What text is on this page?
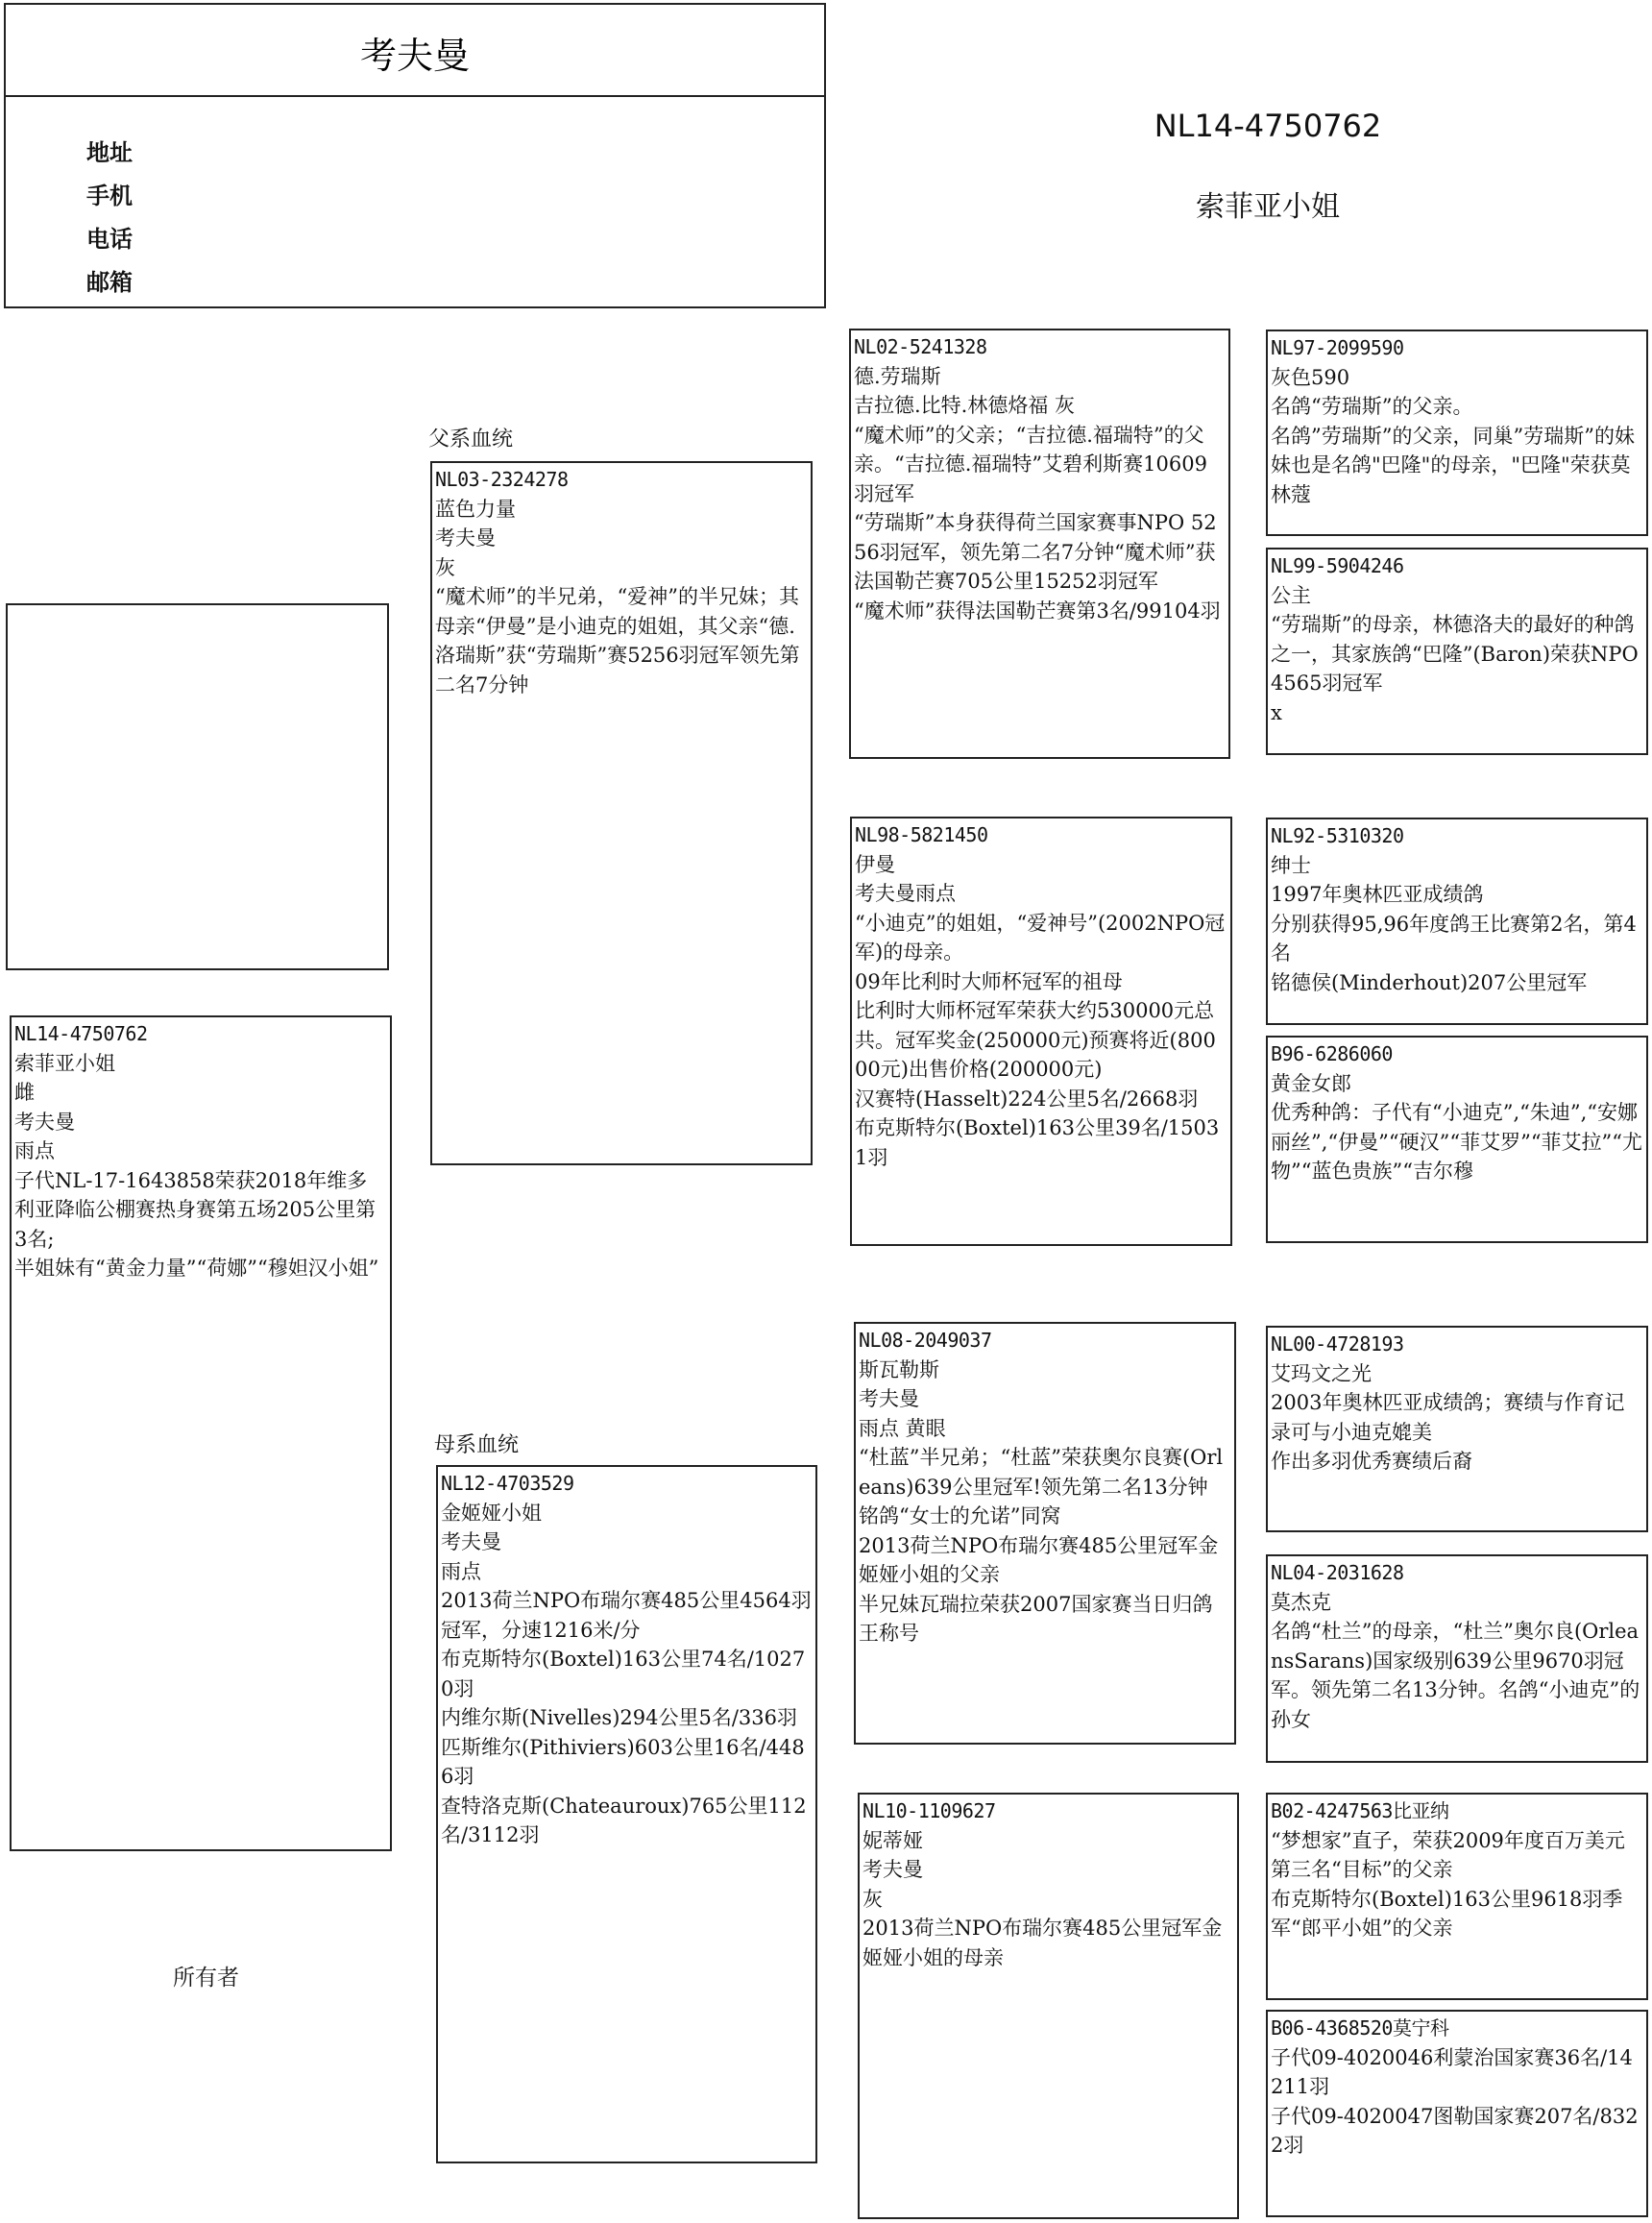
考夫曼
地址
手机
电话
邮箱
NL14-4750762
索菲亚小姐
NL14-4750762
索菲亚小姐
雌
考夫曼
雨点
子代NL-17-1643858荣获2018年维多利亚降临公棚赛热身赛第五场205公里第3名;
半姐妹有“黄金力量”“荷娜”“穆妲汉小姐”
所有者
父系血统
NL03-2324278
蓝色力量
考夫曼
灰
“魔术师”的半兄弟，“爱神”的半兄妹；其母亲“伊曼”是小迪克的姐姐，其父亲“德.洛瑞斯”获“劳瑞斯”赛5256羽冠军领先第二名7分钟
母系血统
NL12-4703529
金姬娅小姐
考夫曼
雨点
2013荷兰NPO布瑞尔赛485公里4564羽冠军，分速1216米/分
布克斯特尔(Boxtel)163公里74名/10270羽
内维尔斯(Nivelles)294公里5名/336羽
匹斯维尔(Pithiviers)603公里16名/4486羽
查特洛克斯(Chateauroux)765公里112名/3112羽
NL02-5241328
德.劳瑞斯
吉拉德.比特.林德烙福 灰
“魔术师”的父亲；“吉拉德.福瑞特”的父亲。“吉拉德.福瑞特”艾碧利斯赛10609羽冠军
“劳瑞斯”本身获得荷兰国家赛事NPO 5256羽冠军，领先第二名7分钟“魔术师”获法国勒芒赛705公里15252羽冠军
“魔术师”获得法国勒芒赛第3名/99104羽
NL98-5821450
伊曼
考夫曼雨点
“小迪克”的姐姐，“爱神号”(2002NPO冠军)的母亲。
09年比利时大师杯冠军的祖母
比利时大师杯冠军荣获大约530000元总共。冠军奖金(250000元)预赛将近(80000元)出售价格(200000元)
汉赛特(Hasselt)224公里5名/2668羽
布克斯特尔(Boxtel)163公里39名/15031羽
NL08-2049037
斯瓦勒斯
考夫曼
雨点 黄眼
“杜蓝”半兄弟；“杜蓝”荣获奥尔良赛(Orleans)639公里冠军!领先第二名13分钟
铭鸽“女士的允诺”同窝
2013荷兰NPO布瑞尔赛485公里冠军金姬娅小姐的父亲
半兄妹瓦瑞拉荣获2007国家赛当日归鸽王称号
NL10-1109627
妮蒂娅
考夫曼
灰
2013荷兰NPO布瑞尔赛485公里冠军金姬娅小姐的母亲
NL97-2099590
灰色590
名鸽“劳瑞斯”的父亲。
名鸽”劳瑞斯”的父亲，同巢”劳瑞斯”的妹妹也是名鸽"巴隆"的母亲，"巴隆"荣获莫林蔻
NL99-5904246
公主
“劳瑞斯”的母亲，林德洛夫的最好的种鸽之一，其家族鸽“巴隆”(Baron)荣获NPO4565羽冠军
x
NL92-5310320
绅士
1997年奥林匹亚成绩鸽
分别获得95,96年度鸽王比赛第2名，第4名
铭德侯(Minderhout)207公里冠军
B96-6286060
黄金女郎
优秀种鸽：子代有“小迪克”,“朱迪”,“安娜丽丝”,“伊曼”“硬汉”“菲艾罗”“菲艾拉”“尤物”“蓝色贵族”“吉尔穆
NL00-4728193
艾玛文之光
2003年奥林匹亚成绩鸽；赛绩与作育记录可与小迪克媲美
作出多羽优秀赛绩后裔
NL04-2031628
莫杰克
名鸽“杜兰”的母亲，“杜兰”奥尔良(OrleansSarans)国家级别639公里9670羽冠军。领先第二名13分钟。名鸽“小迪克”的孙女
B02-4247563比亚纳
“梦想家”直子，荣获2009年度百万美元第三名“目标”的父亲
布克斯特尔(Boxtel)163公里9618羽季军“郎平小姐”的父亲
B06-4368520莫宁科
子代09-4020046利蒙治国家赛36名/14211羽
子代09-4020047图勒国家赛207名/8322羽
